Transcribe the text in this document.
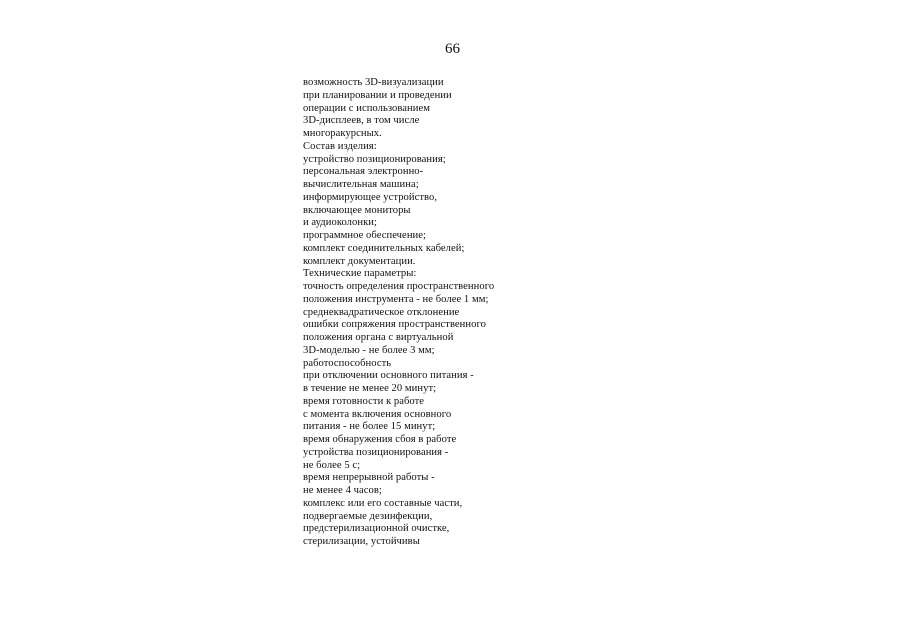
66
возможность 3D-визуализации
при планировании и проведении
операции с использованием
3D-дисплеев, в том числе
многоракурсных.
Состав изделия:
устройство позиционирования;
персональная электронно-
вычислительная машина;
информирующее устройство,
включающее мониторы
и аудиоколонки;
программное обеспечение;
комплект соединительных кабелей;
комплект документации.
Технические параметры:
точность определения пространственного
положения инструмента - не более 1 мм;
среднеквадратическое отклонение
ошибки сопряжения пространственного
положения органа с виртуальной
3D-моделью - не более 3 мм;
работоспособность
при отключении основного питания -
в течение не менее 20 минут;
время готовности к работе
с момента включения основного
питания - не более 15 минут;
время обнаружения сбоя в работе
устройства позиционирования -
не более 5 с;
время непрерывной работы -
не менее 4 часов;
комплекс или его составные части,
подвергаемые дезинфекции,
предстерилизационной очистке,
стерилизации, устойчивы
